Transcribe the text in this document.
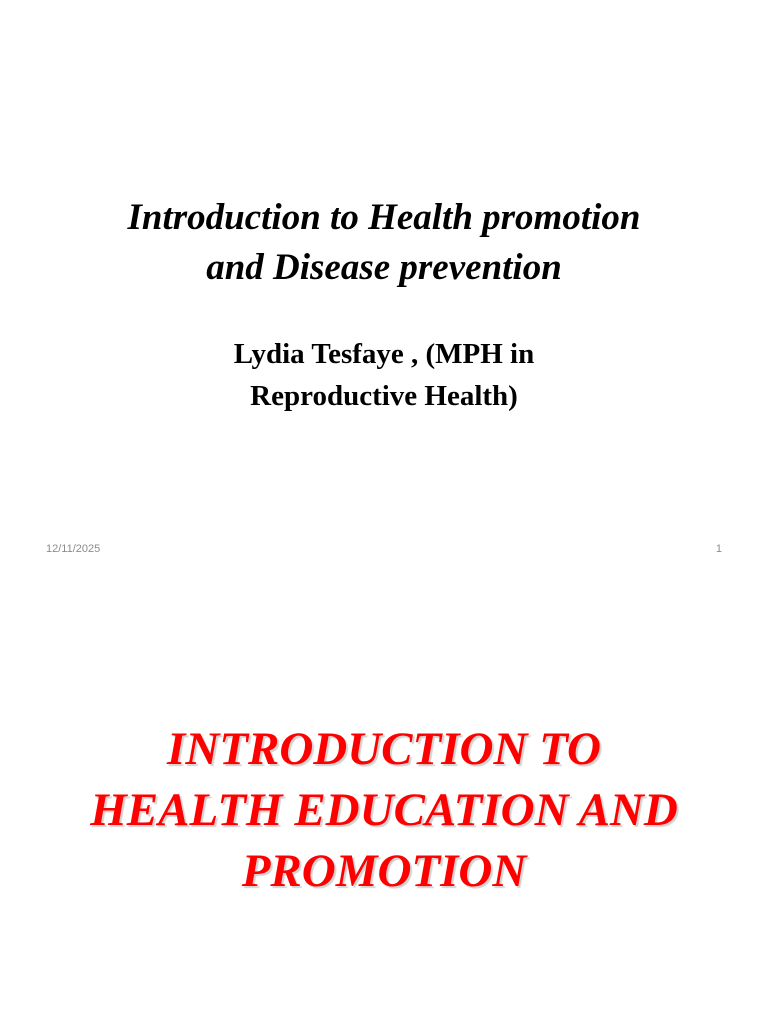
Introduction to Health promotion
and Disease prevention
Lydia Tesfaye , (MPH in
Reproductive Health)
12/11/2025	1
INTRODUCTION TO
HEALTH EDUCATION AND
PROMOTION
